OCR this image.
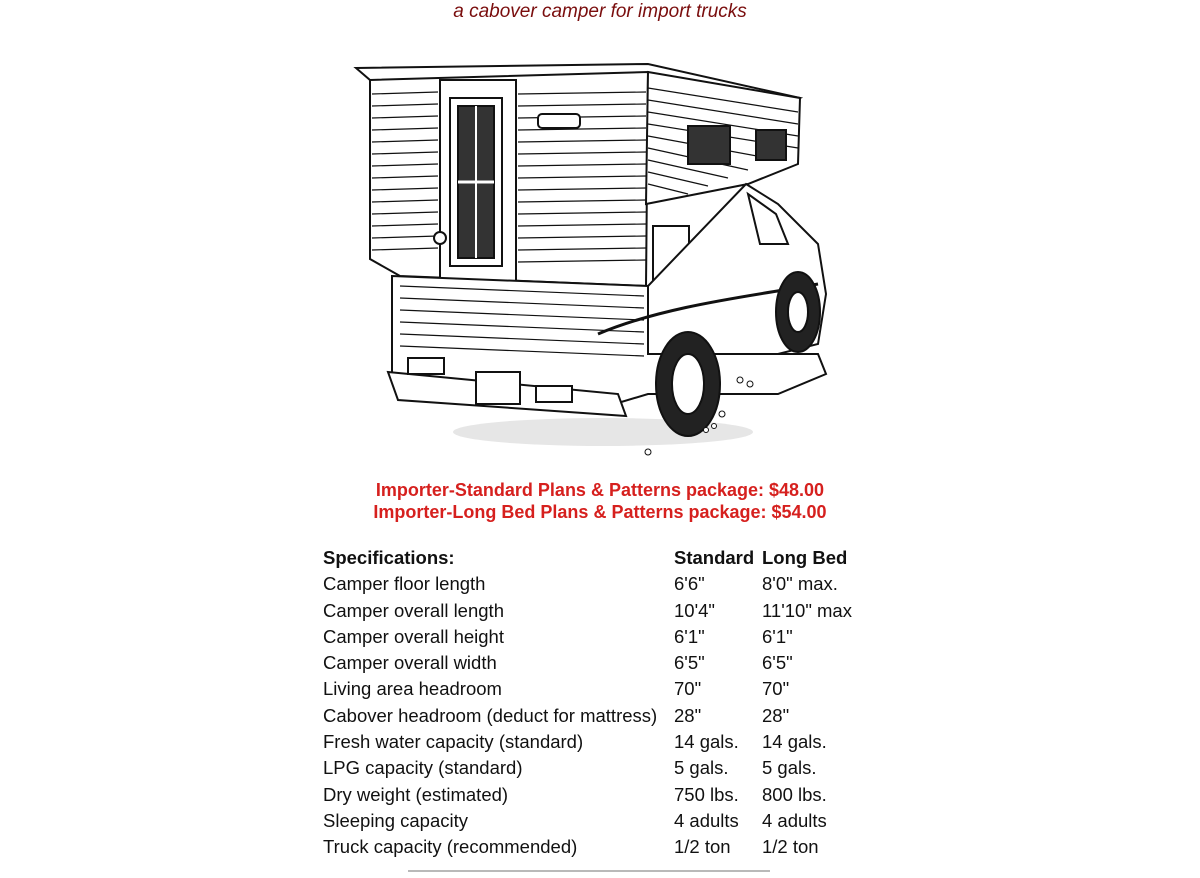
a cabover camper for import trucks
Importer-Standard Plans & Patterns package: $48.00
Importer-Long Bed Plans & Patterns package: $54.00
Specifications:	Standard Long Bed
Camper floor length	6'6"	8'0" max.
Camper overall length	10'4"	11'10" max
Camper overall height	6'1"	6'1"
Camper overall width	6'5"	6'5"
Living area headroom	70"	70"
Cabover headroom (deduct for mattress) 28"	28"
Fresh water capacity (standard)	14 gals. 14 gals.
LPG capacity (standard)	5 gals. 5 gals.
Dry weight (estimated)	750 lbs. 800 lbs.
Sleeping capacity	4 adults 4 adults
Truck capacity (recommended)	1/2 ton 1/2 ton
